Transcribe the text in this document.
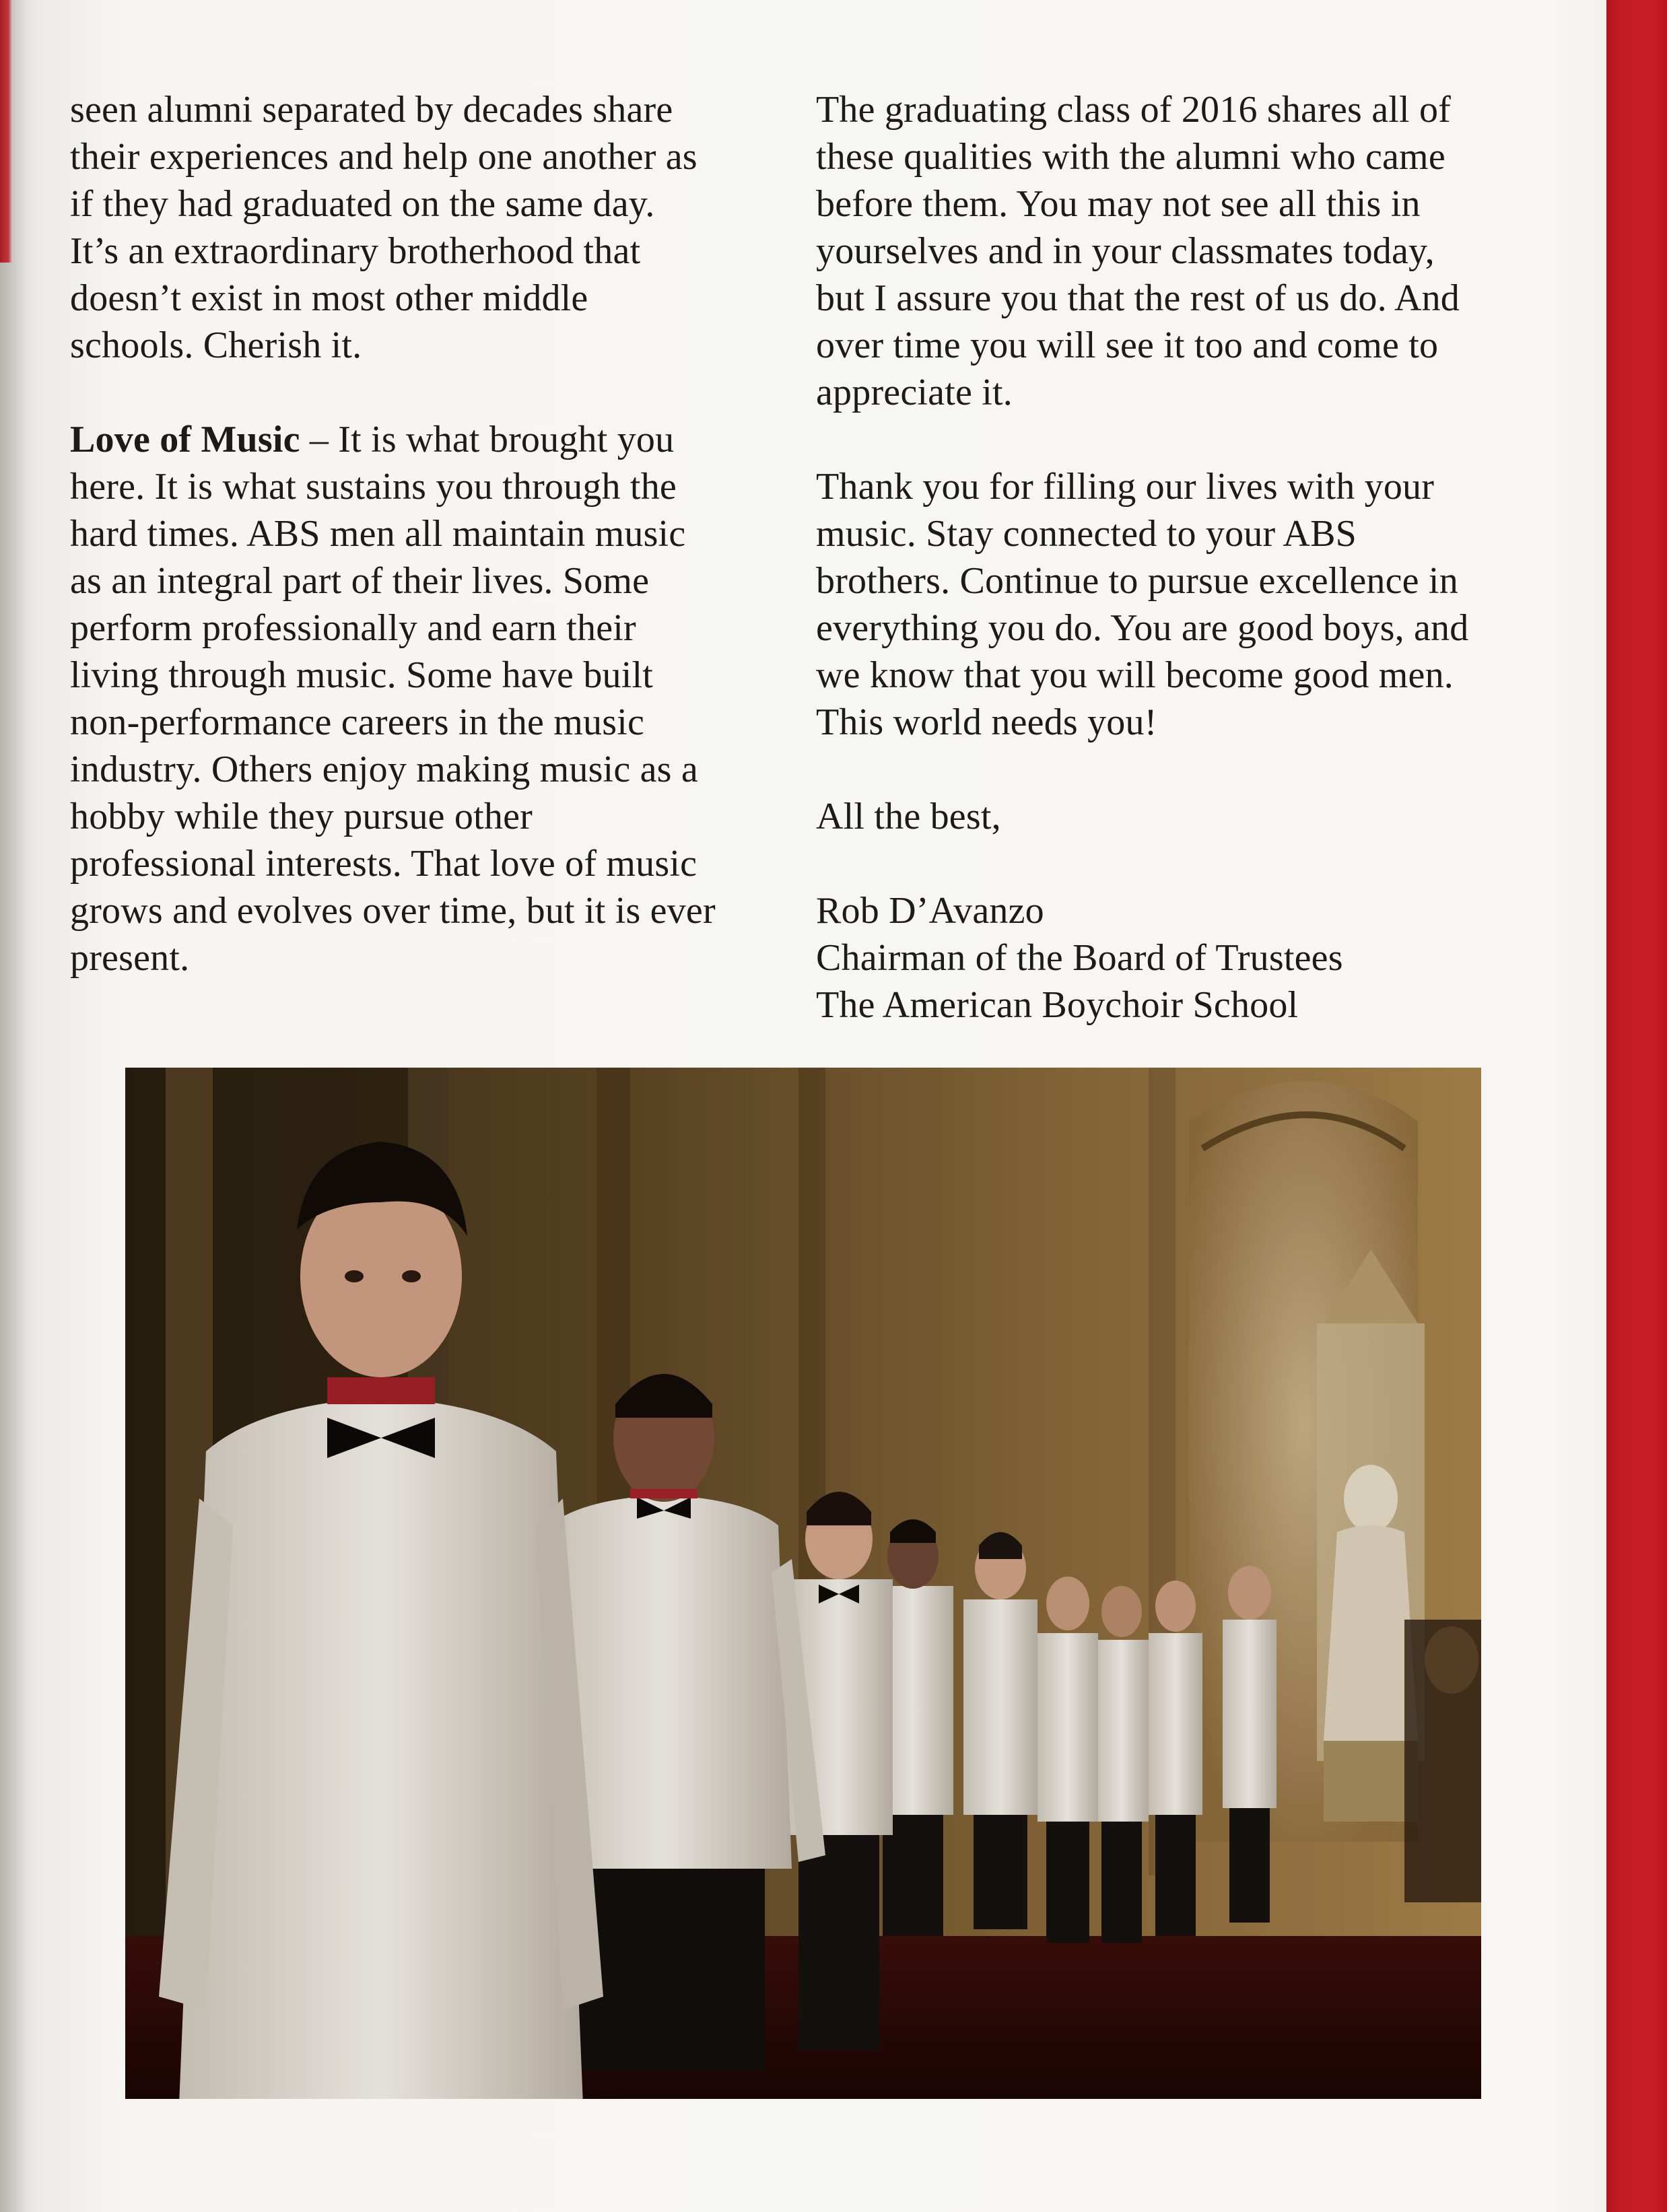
seen alumni separated by decades share
their experiences and help one another as
if they had graduated on the same day.
It’s an extraordinary brotherhood that
doesn’t exist in most other middle
schools. Cherish it.

Love of Music – It is what brought you
here. It is what sustains you through the
hard times. ABS men all maintain music
as an integral part of their lives. Some
perform professionally and earn their
living through music. Some have built
non-performance careers in the music
industry. Others enjoy making music as a
hobby while they pursue other
professional interests. That love of music
grows and evolves over time, but it is ever
present.

The graduating class of 2016 shares all of
these qualities with the alumni who came
before them. You may not see all this in
yourselves and in your classmates today,
but I assure you that the rest of us do. And
over time you will see it too and come to
appreciate it.

Thank you for filling our lives with your
music. Stay connected to your ABS
brothers. Continue to pursue excellence in
everything you do. You are good boys, and
we know that you will become good men.
This world needs you!

All the best,

Rob D’Avanzo

Chairman of the Board of Trustees

The American Boychoir School
